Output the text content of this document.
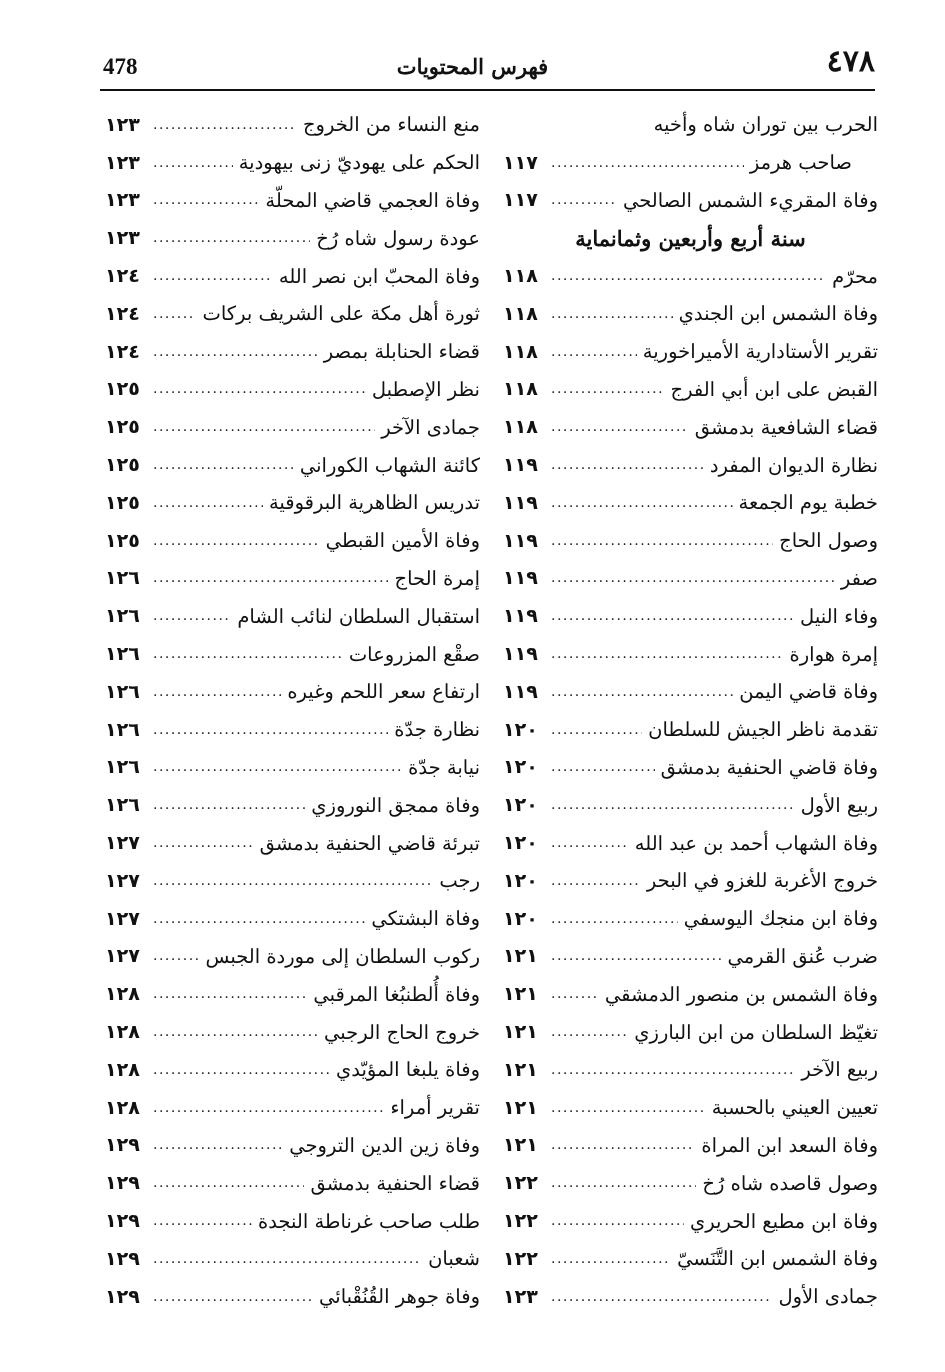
٤٧٨
فهرس المحتويات
478
الحرب بين توران شاه وأخيه
صاحب هرمز
.....
١١٧
وفاة المقريء الشمس الصالحي
.....
١١٧
سنة أربع وأربعين وثمانماية
محرّم
.....
١١٨
وفاة الشمس ابن الجندي
.....
١١٨
تقرير الأستادارية الأميراخورية
.....
١١٨
القبض على ابن أبي الفرج
.....
١١٨
قضاء الشافعية بدمشق
.....
١١٨
نظارة الديوان المفرد
.....
١١٩
خطبة يوم الجمعة
.....
١١٩
وصول الحاج
.....
١١٩
صفر
.....
١١٩
وفاء النيل
.....
١١٩
إمرة هوارة
.....
١١٩
وفاة قاضي اليمن
.....
١١٩
تقدمة ناظر الجيش للسلطان
.....
١٢٠
وفاة قاضي الحنفية بدمشق
.....
١٢٠
ربيع الأول
.....
١٢٠
وفاة الشهاب أحمد بن عبد الله
.....
١٢٠
خروج الأغربة للغزو في البحر
.....
١٢٠
وفاة ابن منجك اليوسفي
.....
١٢٠
ضرب عُنق القرمي
.....
١٢١
وفاة الشمس بن منصور الدمشقي
.....
١٢١
تغيّظ السلطان من ابن البارزي
.....
١٢١
ربيع الآخر
.....
١٢١
تعيين العيني بالحسبة
.....
١٢١
وفاة السعد ابن المراة
.....
١٢١
وصول قاصده شاه رُخ
.....
١٢٢
وفاة ابن مطيع الحريري
.....
١٢٢
وفاة الشمس ابن التَّنَسيّ
.....
١٢٢
جمادى الأول
.....
١٢٣
منع النساء من الخروج
.....
١٢٣
الحكم على يهوديّ زنى بيهودية
.....
١٢٣
وفاة العجمي قاضي المحلّة
.....
١٢٣
عودة رسول شاه رُخ
.....
١٢٣
وفاة المحبّ ابن نصر الله
.....
١٢٤
ثورة أهل مكة على الشريف بركات
.....
١٢٤
قضاء الحنابلة بمصر
.....
١٢٤
نظر الإصطبل
.....
١٢٥
جمادى الآخر
.....
١٢٥
كائنة الشهاب الكوراني
.....
١٢٥
تدريس الظاهرية البرقوقية
.....
١٢٥
وفاة الأمين القبطي
.....
١٢٥
إمرة الحاج
.....
١٢٦
استقبال السلطان لنائب الشام
.....
١٢٦
صقْع المزروعات
.....
١٢٦
ارتفاع سعر اللحم وغيره
.....
١٢٦
نظارة جدّة
.....
١٢٦
نيابة جدّة
.....
١٢٦
وفاة ممجق النوروزي
.....
١٢٦
تبرئة قاضي الحنفية بدمشق
.....
١٢٧
رجب
.....
١٢٧
وفاة البشتكي
.....
١٢٧
ركوب السلطان إلى موردة الجبس
.....
١٢٧
وفاة أُلطنبُغا المرقبي
.....
١٢٨
خروج الحاج الرجبي
.....
١٢٨
وفاة يلبغا المؤيّدي
.....
١٢٨
تقرير أمراء
.....
١٢٨
وفاة زين الدين التروجي
.....
١٢٩
قضاء الحنفية بدمشق
.....
١٢٩
طلب صاحب غرناطة النجدة
.....
١٢٩
شعبان
.....
١٢٩
وفاة جوهر القُنُقْبائي
.....
١٢٩
